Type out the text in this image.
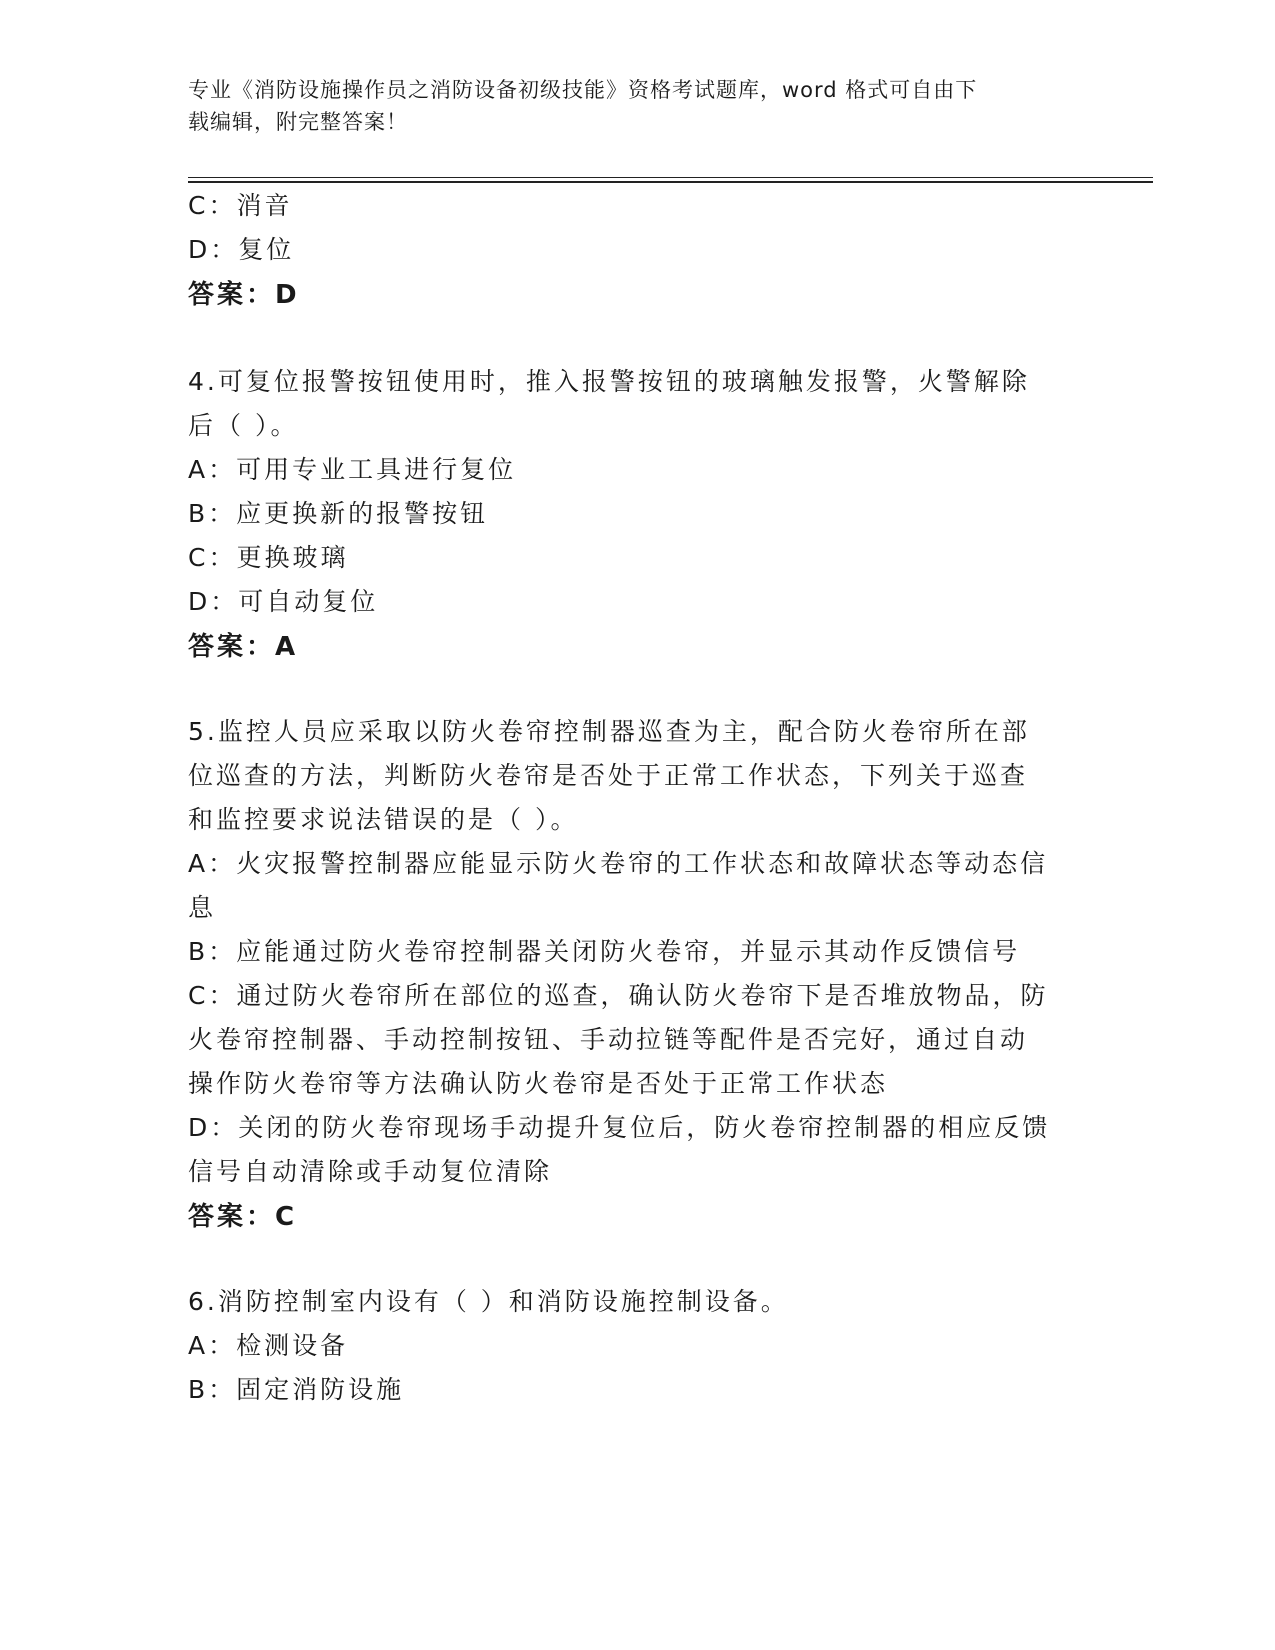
专业《消防设施操作员之消防设备初级技能》资格考试题库，word 格式可自由下
载编辑，附完整答案！
C：消音
D：复位
答案：D
4.可复位报警按钮使用时，推入报警按钮的玻璃触发报警，火警解除
后（ ）。
A：可用专业工具进行复位
B：应更换新的报警按钮
C：更换玻璃
D：可自动复位
答案：A
5.监控人员应采取以防火卷帘控制器巡查为主，配合防火卷帘所在部
位巡查的方法，判断防火卷帘是否处于正常工作状态，下列关于巡查
和监控要求说法错误的是（ ）。
A：火灾报警控制器应能显示防火卷帘的工作状态和故障状态等动态信
息
B：应能通过防火卷帘控制器关闭防火卷帘，并显示其动作反馈信号
C：通过防火卷帘所在部位的巡查，确认防火卷帘下是否堆放物品，防
火卷帘控制器、手动控制按钮、手动拉链等配件是否完好，通过自动
操作防火卷帘等方法确认防火卷帘是否处于正常工作状态
D：关闭的防火卷帘现场手动提升复位后，防火卷帘控制器的相应反馈
信号自动清除或手动复位清除
答案：C
6.消防控制室内设有（ ）和消防设施控制设备。
A：检测设备
B：固定消防设施
